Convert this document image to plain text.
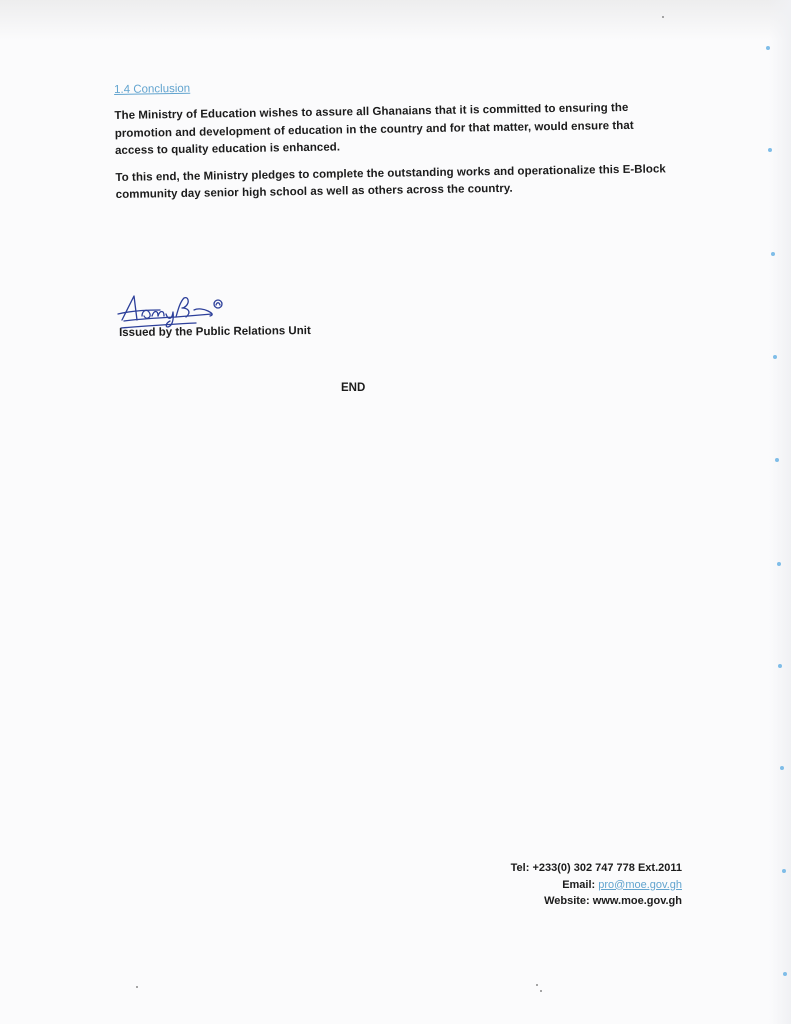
1.4 Conclusion

The Ministry of Education wishes to assure all Ghanaians that it is committed to ensuring the promotion and development of education in the country and for that matter, would ensure that access to quality education is enhanced.

To this end, the Ministry pledges to complete the outstanding works and operationalize this E-Block community day senior high school as well as others across the country.

Issued by the Public Relations Unit
END
Tel: +233(0) 302 747 778 Ext.2011
Email: pro@moe.gov.gh
Website: www.moe.gov.gh
